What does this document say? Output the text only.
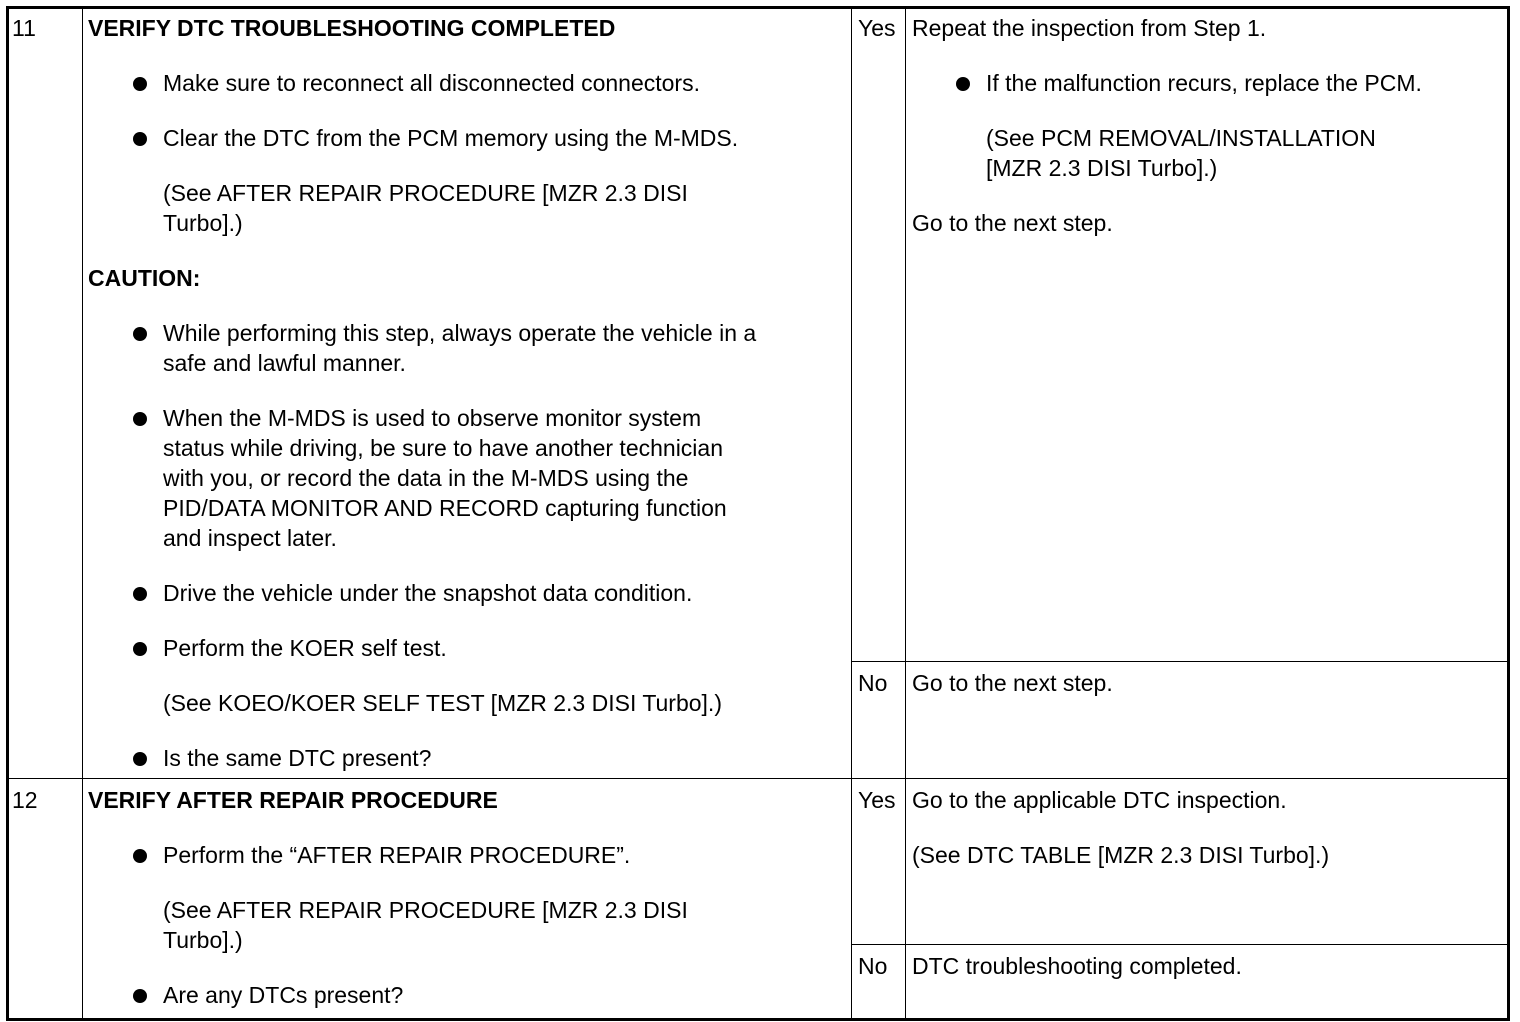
11 VERIFY DTC TROUBLESHOOTING COMPLETED
Make sure to reconnect all disconnected connectors.
Clear the DTC from the PCM memory using the M-MDS.
(See AFTER REPAIR PROCEDURE [MZR 2.3 DISI
Turbo].)
CAUTION:
While performing this step, always operate the vehicle in a
safe and lawful manner.
When the M-MDS is used to observe monitor system
status while driving, be sure to have another technician
with you, or record the data in the M-MDS using the
PID/DATA MONITOR AND RECORD capturing function
and inspect later.
Drive the vehicle under the snapshot data condition.
Perform the KOER self test.
(See KOEO/KOER SELF TEST [MZR 2.3 DISI Turbo].)
Is the same DTC present?
Yes Repeat the inspection from Step 1.
If the malfunction recurs, replace the PCM.
(See PCM REMOVAL/INSTALLATION
[MZR 2.3 DISI Turbo].)
Go to the next step.
No Go to the next step.
12 VERIFY AFTER REPAIR PROCEDURE
Perform the “AFTER REPAIR PROCEDURE”.
(See AFTER REPAIR PROCEDURE [MZR 2.3 DISI
Turbo].)
Are any DTCs present?
Yes Go to the applicable DTC inspection.
(See DTC TABLE [MZR 2.3 DISI Turbo].)
No DTC troubleshooting completed.
